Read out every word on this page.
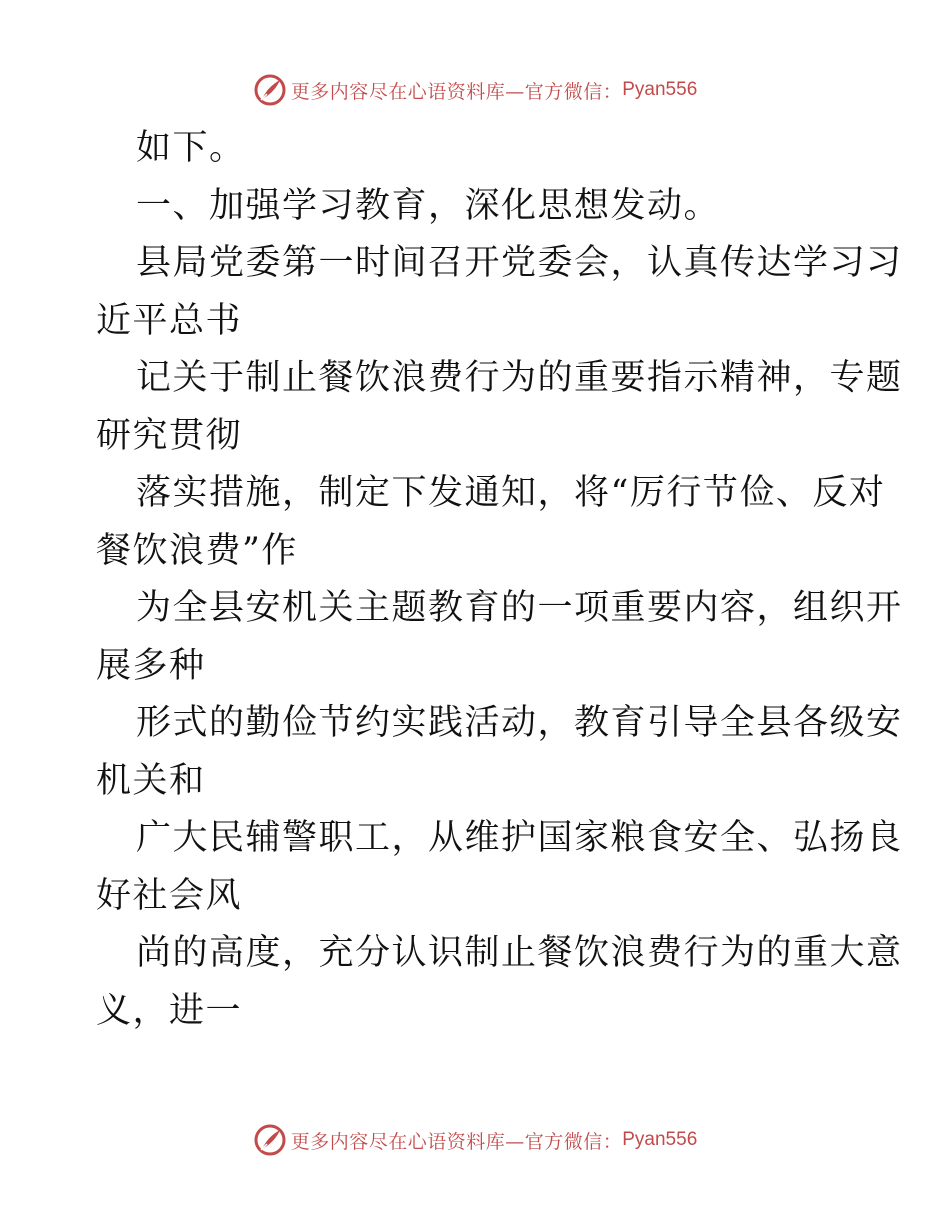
更多内容尽在心语资料库—官方微信： Pyan556
如下。
一、加强学习教育，深化思想发动。
县局党委第一时间召开党委会，认真传达学习习
近平总书
记关于制止餐饮浪费行为的重要指示精神，专题
研究贯彻
落实措施，制定下发通知，将“厉行节俭、反对
餐饮浪费”作
为全县安机关主题教育的一项重要内容，组织开
展多种
形式的勤俭节约实践活动，教育引导全县各级安
机关和
广大民辅警职工，从维护国家粮食安全、弘扬良
好社会风
尚的高度，充分认识制止餐饮浪费行为的重大意
义，进一
更多内容尽在心语资料库—官方微信： Pyan556
